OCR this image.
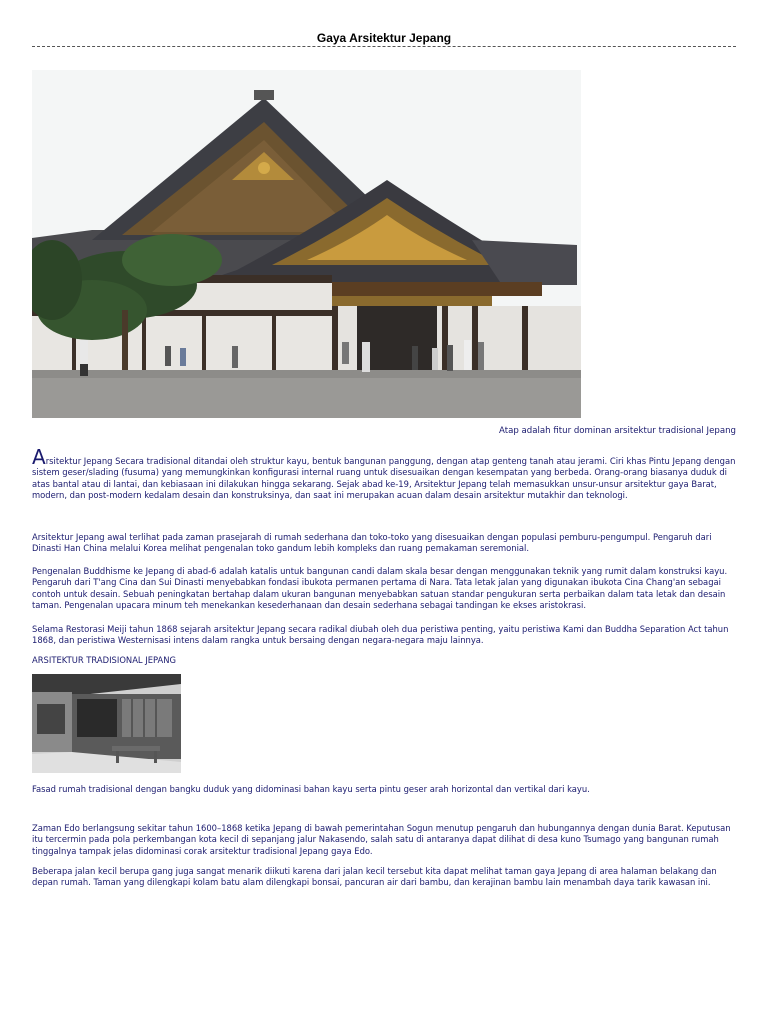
Gaya Arsitektur Jepang
Atap adalah fitur dominan arsitektur tradisional Jepang

Arsitektur Jepang Secara tradisional ditandai oleh struktur kayu, bentuk bangunan panggung, dengan atap genteng tanah atau jerami. Ciri khas Pintu Jepang dengan sistem geser/slading (fusuma) yang memungkinkan konfigurasi internal ruang untuk disesuaikan dengan kesempatan yang berbeda. Orang-orang biasanya duduk di atas bantal atau di lantai, dan kebiasaan ini dilakukan hingga sekarang. Sejak abad ke-19, Arsitektur Jepang telah memasukkan unsur-unsur arsitektur gaya Barat, modern, dan post-modern kedalam desain dan konstruksinya, dan saat ini merupakan acuan dalam desain arsitektur mutakhir dan teknologi.

Arsitektur Jepang awal terlihat pada zaman prasejarah di rumah sederhana dan toko-toko yang disesuaikan dengan populasi pemburu-pengumpul. Pengaruh dari Dinasti Han China melalui Korea melihat pengenalan toko gandum lebih kompleks dan ruang pemakaman seremonial.

Pengenalan Buddhisme ke Jepang di abad-6 adalah katalis untuk bangunan candi dalam skala besar dengan menggunakan teknik yang rumit dalam konstruksi kayu. Pengaruh dari T'ang Cina dan Sui Dinasti menyebabkan fondasi ibukota permanen pertama di Nara. Tata letak jalan yang digunakan ibukota Cina Chang'an sebagai contoh untuk desain. Sebuah peningkatan bertahap dalam ukuran bangunan menyebabkan satuan standar pengukuran serta perbaikan dalam tata letak dan desain taman. Pengenalan upacara minum teh menekankan kesederhanaan dan desain sederhana sebagai tandingan ke ekses aristokrasi.

Selama Restorasi Meiji tahun 1868 sejarah arsitektur Jepang secara radikal diubah oleh dua peristiwa penting, yaitu peristiwa Kami dan Buddha Separation Act tahun 1868, dan peristiwa Westernisasi intens dalam rangka untuk bersaing dengan negara-negara maju lainnya.

ARSITEKTUR TRADISIONAL JEPANG

Fasad rumah tradisional dengan bangku duduk yang didominasi bahan kayu serta pintu geser arah horizontal dan vertikal dari kayu.

Zaman Edo berlangsung sekitar tahun 1600–1868 ketika Jepang di bawah pemerintahan Sogun menutup pengaruh dan hubungannya dengan dunia Barat. Keputusan itu tercermin pada pola perkembangan kota kecil di sepanjang jalur Nakasendo, salah satu di antaranya dapat dilihat di desa kuno Tsumago yang bangunan rumah tinggalnya tampak jelas didominasi corak arsitektur tradisional Jepang gaya Edo.

Beberapa jalan kecil berupa gang juga sangat menarik diikuti karena dari jalan kecil tersebut kita dapat melihat taman gaya Jepang di area halaman belakang dan depan rumah. Taman yang dilengkapi kolam batu alam dilengkapi bonsai, pancuran air dari bambu, dan kerajinan bambu lain menambah daya tarik kawasan ini.
